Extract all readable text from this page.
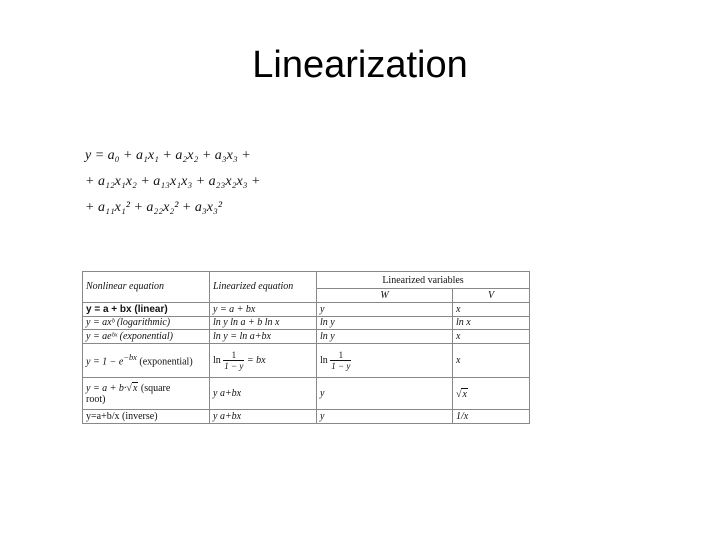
Linearization
y = a₀ + a₁x₁ + a₂x₂ + a₃x₃ +
+ a₁₂x₁x₂ + a₁₃x₁x₃ + a₂₃x₂x₃ +
+ a₁₁x₁² + a₂₂x₂² + a₃x₃²
Nonlinear equation	Linearized equation	Linearized variables	
		W	V
y = a + bx (linear)	y = a + bx	y	x
y = axᵇ (logarithmic)	ln y ln a + b ln x	ln y	ln x
y = aeᵇˣ (exponential)	ln y = ln a+bx	ln y	x
$y = 1 - e^{-bx}$ (exponential)	$\ln \frac{1}{1 - y}$ = bx	$\ln \frac{1}{1 - y}$	x
y = a + b·√x (square
root)	y a+bx	y	√x
y=a+b/x (inverse)	y a+bx	y	1/x
